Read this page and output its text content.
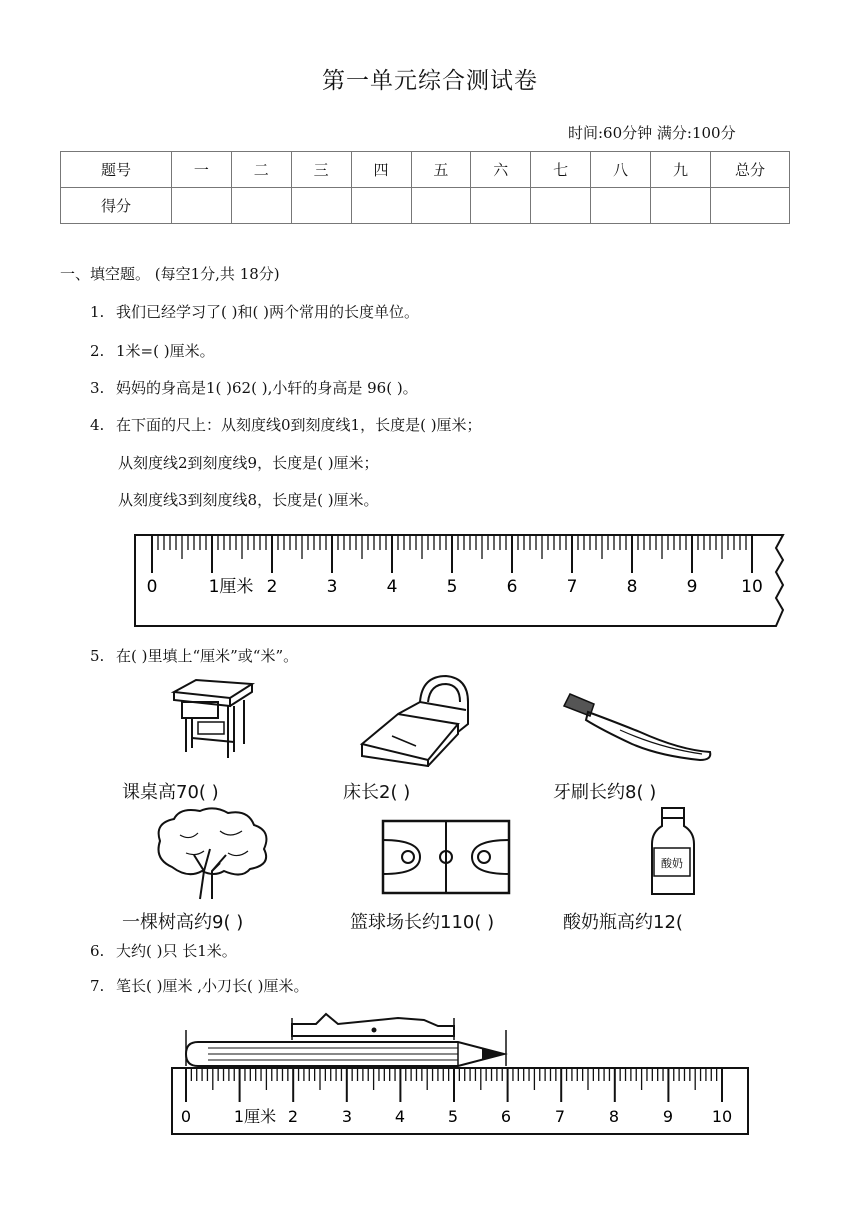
第一单元综合测试卷
时间:60分钟 满分:100分
题号	一	二	三	四	五	六	七	八	九	总分
得分										
一、填空题。 (每空1分,共 18分)
1. 我们已经学习了( )和( )两个常用的长度单位。
2. 1米=( )厘米。
3. 妈妈的身高是1( )62( ),小轩的身高是 96( )。
4. 在下面的尺上：从刻度线0到刻度线1，长度是( )厘米；
从刻度线2到刻度线9，长度是( )厘米；
从刻度线3到刻度线8，长度是( )厘米。
0	1厘米 2	3	4	5	6	7	8	9	10
5. 在( )里填上“厘米”或“米”。
课桌高70( )	床长2( )	牙刷长约8( )
一棵树高约9( )	篮球场长约110( )
酸奶
酸奶瓶高约12(
6. 大约( )只 长1米。
7. 笔长( )厘米 ,小刀长( )厘米。
0	1厘米 2	3	4	5	6	7	8	9 10
